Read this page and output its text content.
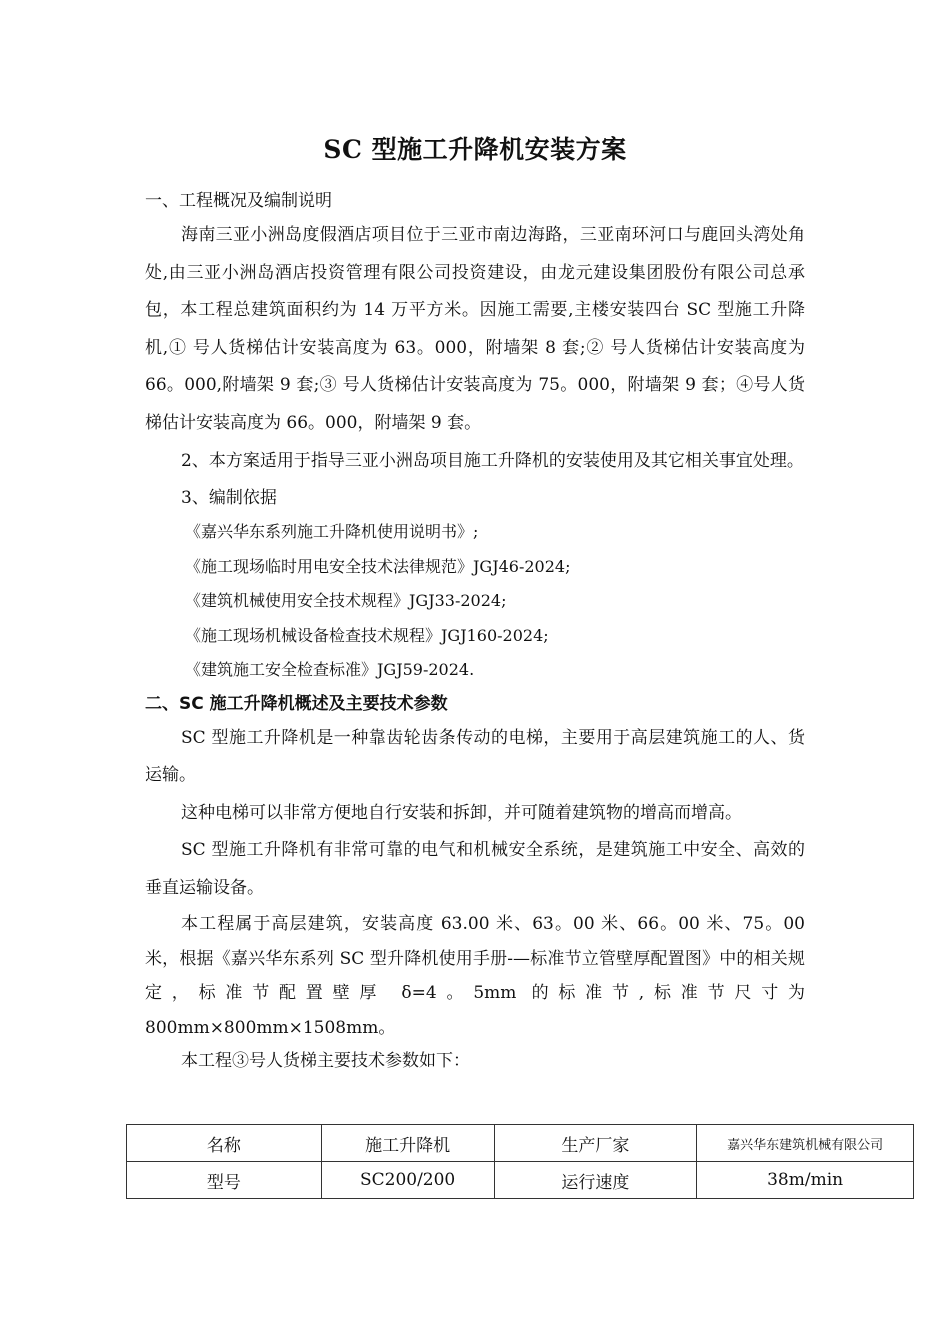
SC 型施工升降机安装方案
一、工程概况及编制说明
海南三亚小洲岛度假酒店项目位于三亚市南边海路，三亚南环河口与鹿回头湾处角处,由三亚小洲岛酒店投资管理有限公司投资建设，由龙元建设集团股份有限公司总承包，本工程总建筑面积约为 14 万平方米。因施工需要,主楼安装四台 SC 型施工升降机,① 号人货梯估计安装高度为 63。000，附墙架 8 套;② 号人货梯估计安装高度为 66。000,附墙架 9 套;③ 号人货梯估计安装高度为 75。000，附墙架 9 套；④号人货梯估计安装高度为 66。000，附墙架 9 套。
2、本方案适用于指导三亚小洲岛项目施工升降机的安装使用及其它相关事宜处理。
3、编制依据
《嘉兴华东系列施工升降机使用说明书》;
《施工现场临时用电安全技术法律规范》JGJ46-2024;
《建筑机械使用安全技术规程》JGJ33-2024;
《施工现场机械设备检查技术规程》JGJ160-2024;
《建筑施工安全检查标准》JGJ59-2024.
二、SC 施工升降机概述及主要技术参数
SC 型施工升降机是一种靠齿轮齿条传动的电梯，主要用于高层建筑施工的人、货运输。
这种电梯可以非常方便地自行安装和拆卸，并可随着建筑物的增高而增高。
SC 型施工升降机有非常可靠的电气和机械安全系统，是建筑施工中安全、高效的垂直运输设备。
本工程属于高层建筑，安装高度 63.00 米、63。00 米、66。00 米、75。00 米，根据《嘉兴华东系列 SC 型升降机使用手册-—标准节立管壁厚配置图》中的相关规定，标准节配置壁厚 δ=4。5mm 的标准节,标准节尺寸为 800mm×800mm×1508mm。
本工程③号人货梯主要技术参数如下：
名称	施工升降机	生产厂家	嘉兴华东建筑机械有限公司
型号	SC200/200	运行速度	38m/min
